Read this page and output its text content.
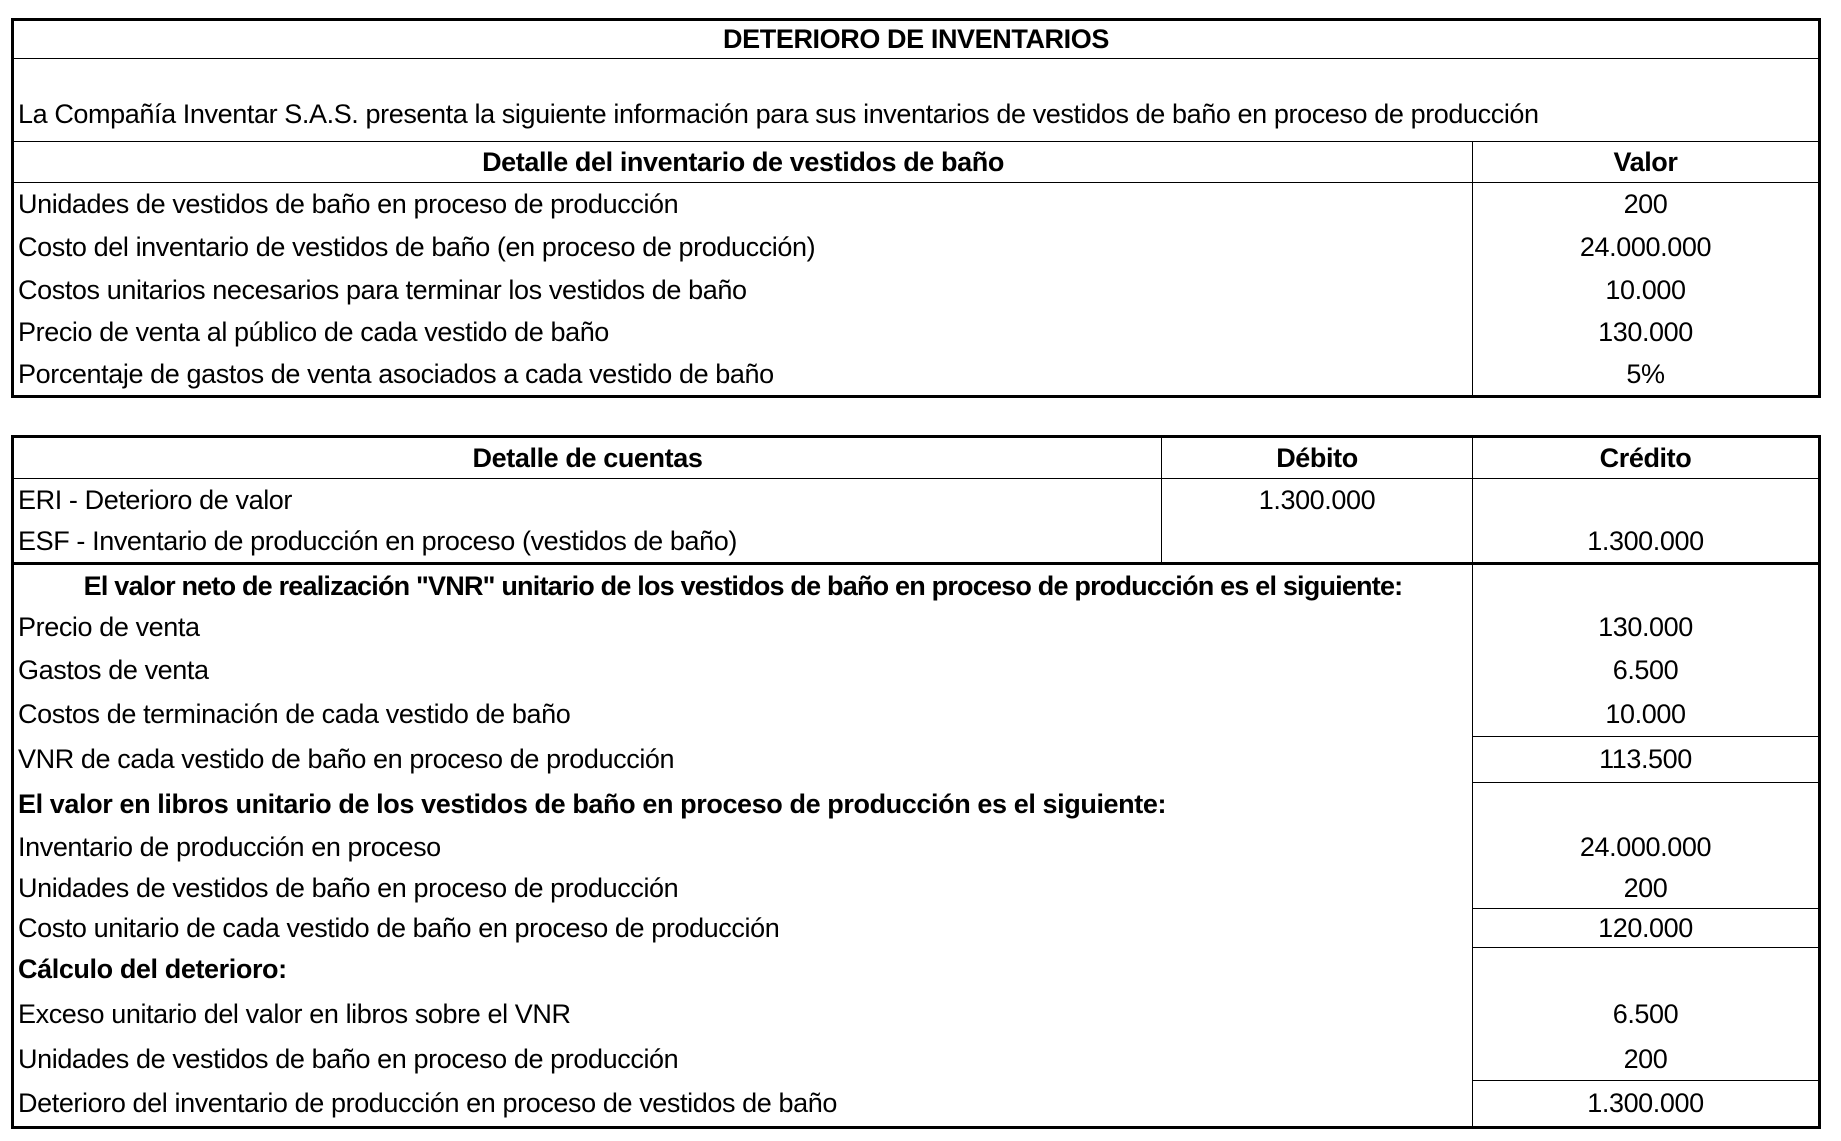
DETERIORO DE INVENTARIOS	
La Compañía Inventar S.A.S. presenta la siguiente información para sus inventarios de vestidos de baño en proceso de producción	
Detalle del inventario de vestidos de baño	Valor
Unidades de vestidos de baño en proceso de producción	200
Costo del inventario de vestidos de baño (en proceso de producción)	24.000.000
Costos unitarios necesarios para terminar los vestidos de baño	10.000
Precio de venta al público de cada vestido de baño	130.000
Porcentaje de gastos de venta asociados a cada vestido de baño	5%
Detalle de cuentas	Débito	Crédito
ERI - Deterioro de valor	1.300.000	
ESF - Inventario de producción en proceso (vestidos de baño)		1.300.000
El valor neto de realización "VNR" unitario de los vestidos de baño en proceso de producción es el siguiente:		
Precio de venta		130.000
Gastos de venta		6.500
Costos de terminación de cada vestido de baño		10.000
VNR de cada vestido de baño en proceso de producción		113.500
El valor en libros unitario de los vestidos de baño en proceso de producción es el siguiente:		
Inventario de producción en proceso		24.000.000
Unidades de vestidos de baño en proceso de producción		200
Costo unitario de cada vestido de baño en proceso de producción		120.000
Cálculo del deterioro:		
Exceso unitario del valor en libros sobre el VNR		6.500
Unidades de vestidos de baño en proceso de producción		200
Deterioro del inventario de producción en proceso de vestidos de baño		1.300.000
